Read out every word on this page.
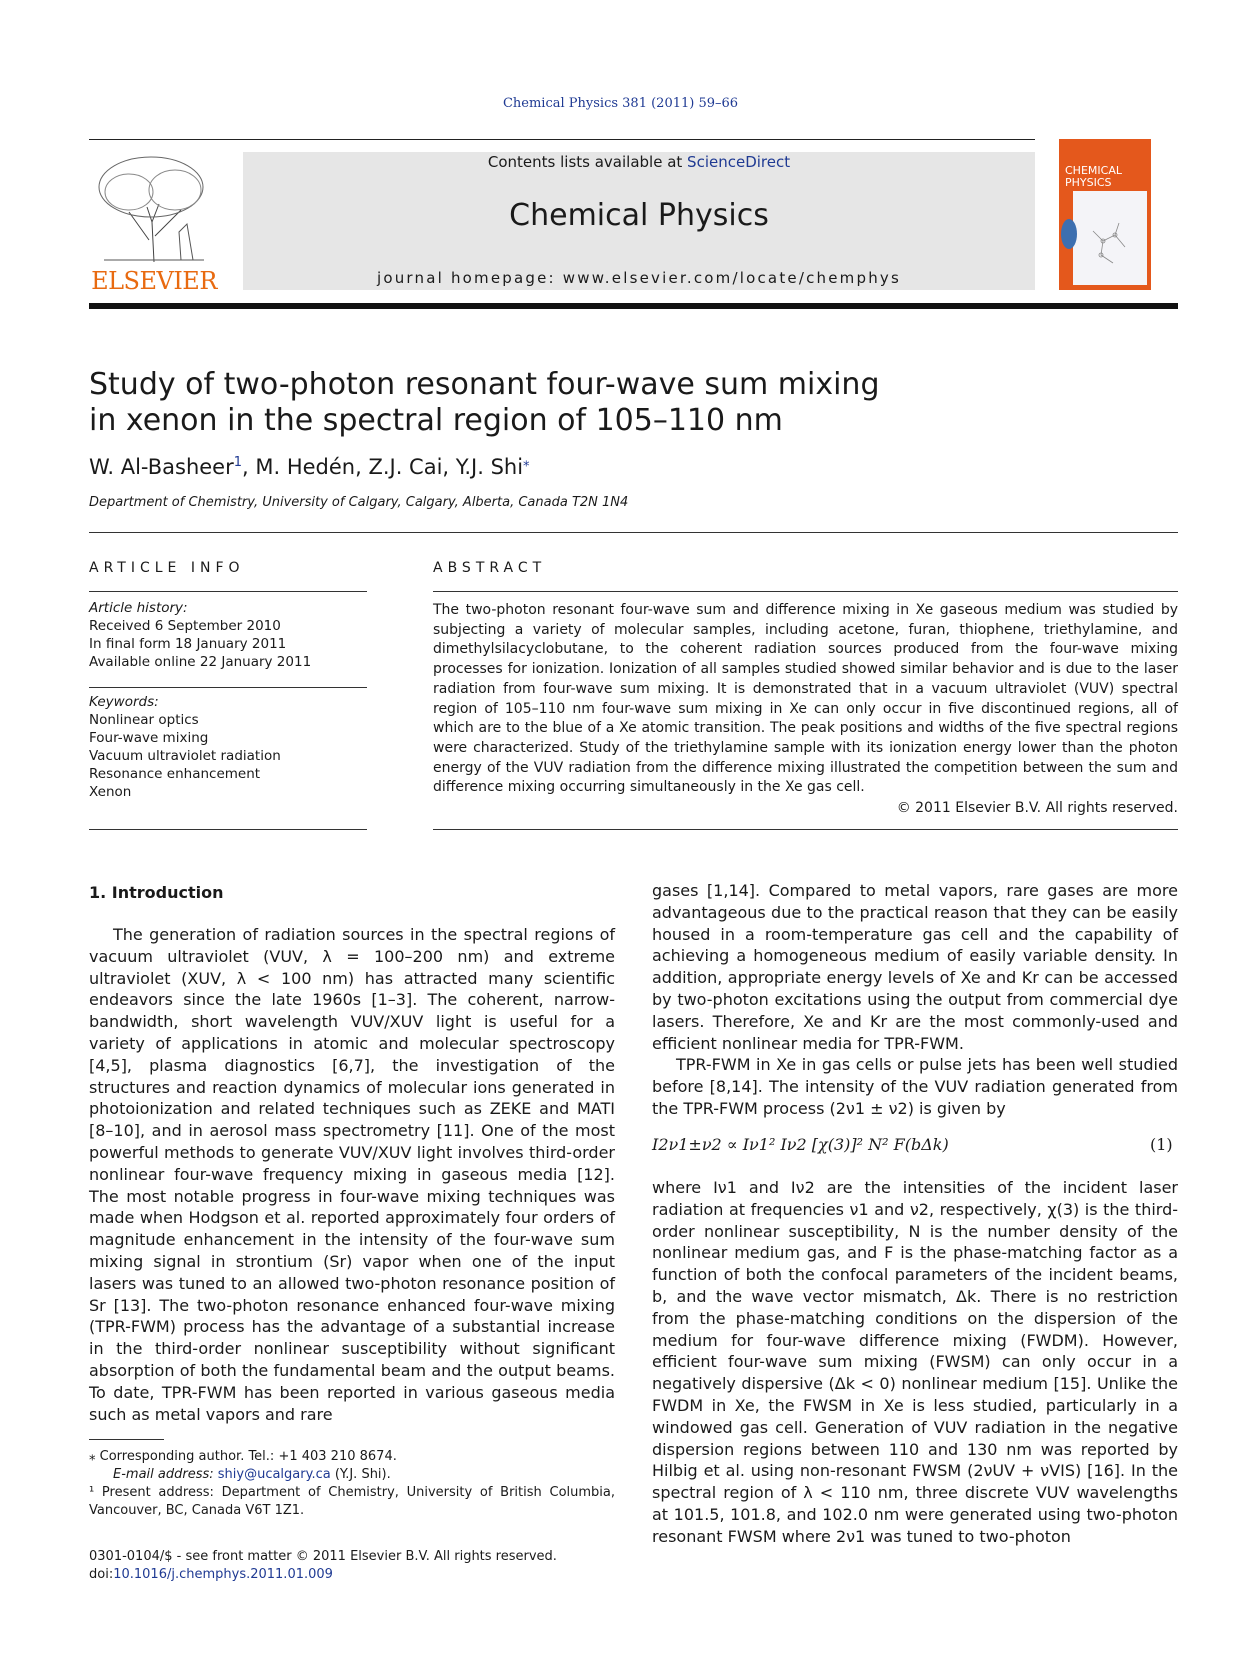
Chemical Physics 381 (2011) 59–66
ELSEVIER
Contents lists available at ScienceDirect
Chemical Physics
journal homepage: www.elsevier.com/locate/chemphys
CHEMICAL
PHYSICS
Study of two-photon resonant four-wave sum mixing in xenon in the spectral region of 105–110 nm
W. Al-Basheer$^1$, M. Hedén, Z.J. Cai, Y.J. Shi⁎
Department of Chemistry, University of Calgary, Calgary, Alberta, Canada T2N 1N4
ARTICLE INFO
Article history:
Received 6 September 2010
In final form 18 January 2011
Available online 22 January 2011
Keywords:
Nonlinear optics
Four-wave mixing
Vacuum ultraviolet radiation
Resonance enhancement
Xenon
ABSTRACT
The two-photon resonant four-wave sum and difference mixing in Xe gaseous medium was studied by subjecting a variety of molecular samples, including acetone, furan, thiophene, triethylamine, and dimethylsilacyclobutane, to the coherent radiation sources produced from the four-wave mixing processes for ionization. Ionization of all samples studied showed similar behavior and is due to the laser radiation from four-wave sum mixing. It is demonstrated that in a vacuum ultraviolet (VUV) spectral region of 105–110 nm four-wave sum mixing in Xe can only occur in five discontinued regions, all of which are to the blue of a Xe atomic transition. The peak positions and widths of the five spectral regions were characterized. Study of the triethylamine sample with its ionization energy lower than the photon energy of the VUV radiation from the difference mixing illustrated the competition between the sum and difference mixing occurring simultaneously in the Xe gas cell.
© 2011 Elsevier B.V. All rights reserved.
1. Introduction

The generation of radiation sources in the spectral regions of vacuum ultraviolet (VUV, λ = 100–200 nm) and extreme ultraviolet (XUV, λ < 100 nm) has attracted many scientific endeavors since the late 1960s [1–3]. The coherent, narrow-bandwidth, short wavelength VUV/XUV light is useful for a variety of applications in atomic and molecular spectroscopy [4,5], plasma diagnostics [6,7], the investigation of the structures and reaction dynamics of molecular ions generated in photoionization and related techniques such as ZEKE and MATI [8–10], and in aerosol mass spectrometry [11]. One of the most powerful methods to generate VUV/XUV light involves third-order nonlinear four-wave frequency mixing in gaseous media [12]. The most notable progress in four-wave mixing techniques was made when Hodgson et al. reported approximately four orders of magnitude enhancement in the intensity of the four-wave sum mixing signal in strontium (Sr) vapor when one of the input lasers was tuned to an allowed two-photon resonance position of Sr [13]. The two-photon resonance enhanced four-wave mixing (TPR-FWM) process has the advantage of a substantial increase in the third-order nonlinear susceptibility without significant absorption of both the fundamental beam and the output beams. To date, TPR-FWM has been reported in various gaseous media such as metal vapors and rare

gases [1,14]. Compared to metal vapors, rare gases are more advantageous due to the practical reason that they can be easily housed in a room-temperature gas cell and the capability of achieving a homogeneous medium of easily variable density. In addition, appropriate energy levels of Xe and Kr can be accessed by two-photon excitations using the output from commercial dye lasers. Therefore, Xe and Kr are the most commonly-used and efficient nonlinear media for TPR-FWM.

TPR-FWM in Xe in gas cells or pulse jets has been well studied before [8,14]. The intensity of the VUV radiation generated from the TPR-FWM process (2ν1 ± ν2) is given by

I2ν1±ν2 ∝ Iν1² Iν2 [χ(3)]² N² F(bΔk)	(1)

where Iν1 and Iν2 are the intensities of the incident laser radiation at frequencies ν1 and ν2, respectively, χ(3) is the third-order nonlinear susceptibility, N is the number density of the nonlinear medium gas, and F is the phase-matching factor as a function of both the confocal parameters of the incident beams, b, and the wave vector mismatch, Δk. There is no restriction from the phase-matching conditions on the dispersion of the medium for four-wave difference mixing (FWDM). However, efficient four-wave sum mixing (FWSM) can only occur in a negatively dispersive (Δk < 0) nonlinear medium [15]. Unlike the FWDM in Xe, the FWSM in Xe is less studied, particularly in a windowed gas cell. Generation of VUV radiation in the negative dispersion regions between 110 and 130 nm was reported by Hilbig et al. using non-resonant FWSM (2νUV + νVIS) [16]. In the spectral region of λ < 110 nm, three discrete VUV wavelengths at 101.5, 101.8, and 102.0 nm were generated using two-photon resonant FWSM where 2ν1 was tuned to two-photon

⁎ Corresponding author. Tel.: +1 403 210 8674.
E-mail address: shiy@ucalgary.ca (Y.J. Shi).
¹ Present address: Department of Chemistry, University of British Columbia, Vancouver, BC, Canada V6T 1Z1.
0301-0104/$ - see front matter © 2011 Elsevier B.V. All rights reserved.
doi:10.1016/j.chemphys.2011.01.009
